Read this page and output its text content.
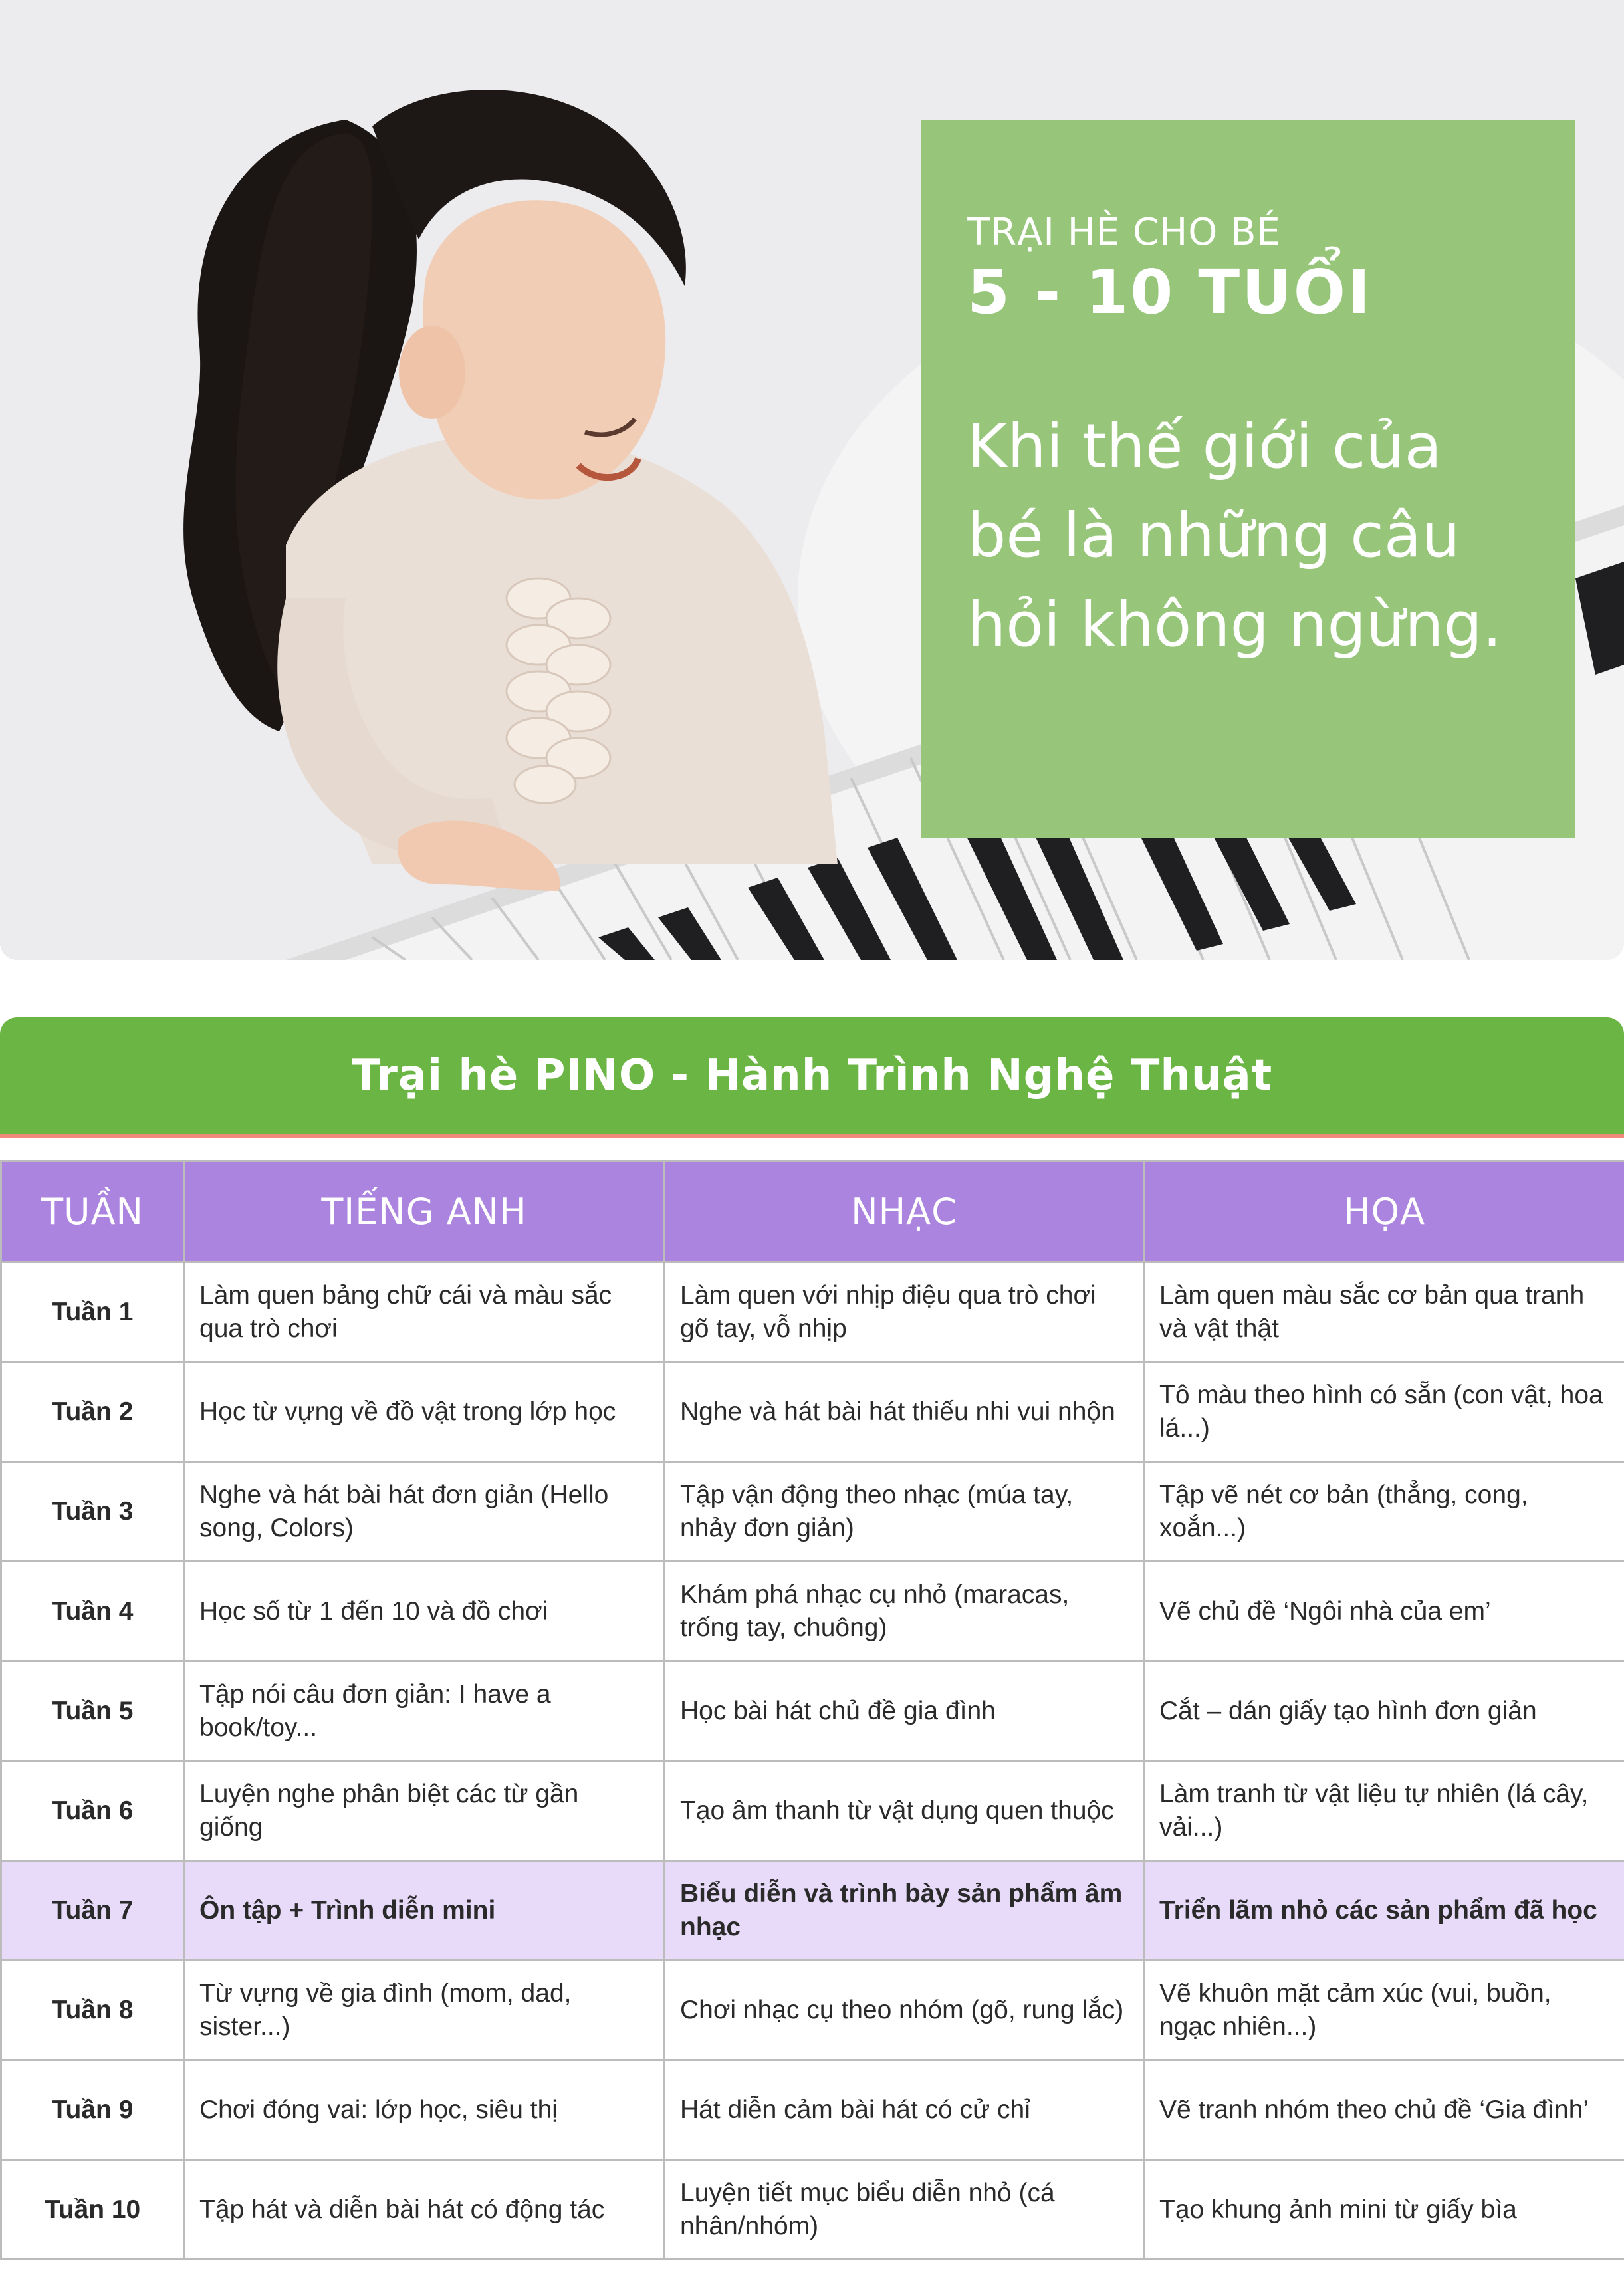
TRẠI HÈ CHO BÉ
5 - 10 TUỔI
Khi thế giới của bé là những câu hỏi không ngừng.
Trại hè PINO - Hành Trình Nghệ Thuật
TUẦN	TIẾNG ANH	NHẠC	HỌA
Tuần 1	Làm quen bảng chữ cái và màu sắc qua trò chơi	Làm quen với nhịp điệu qua trò chơi gõ tay, vỗ nhịp	Làm quen màu sắc cơ bản qua tranh và vật thật
Tuần 2	Học từ vựng về đồ vật trong lớp học	Nghe và hát bài hát thiếu nhi vui nhộn	Tô màu theo hình có sẵn (con vật, hoa lá...)
Tuần 3	Nghe và hát bài hát đơn giản (Hello song, Colors)	Tập vận động theo nhạc (múa tay, nhảy đơn giản)	Tập vẽ nét cơ bản (thẳng, cong, xoắn...)
Tuần 4	Học số từ 1 đến 10 và đồ chơi	Khám phá nhạc cụ nhỏ (maracas, trống tay, chuông)	Vẽ chủ đề ‘Ngôi nhà của em’
Tuần 5	Tập nói câu đơn giản: I have a book/toy...	Học bài hát chủ đề gia đình	Cắt – dán giấy tạo hình đơn giản
Tuần 6	Luyện nghe phân biệt các từ gần giống	Tạo âm thanh từ vật dụng quen thuộc	Làm tranh từ vật liệu tự nhiên (lá cây, vải...)
Tuần 7	Ôn tập + Trình diễn mini	Biểu diễn và trình bày sản phẩm âm nhạc	Triển lãm nhỏ các sản phẩm đã học
Tuần 8	Từ vựng về gia đình (mom, dad, sister...)	Chơi nhạc cụ theo nhóm (gõ, rung lắc)	Vẽ khuôn mặt cảm xúc (vui, buồn, ngạc nhiên...)
Tuần 9	Chơi đóng vai: lớp học, siêu thị	Hát diễn cảm bài hát có cử chỉ	Vẽ tranh nhóm theo chủ đề ‘Gia đình’
Tuần 10	Tập hát và diễn bài hát có động tác	Luyện tiết mục biểu diễn nhỏ (cá nhân/nhóm)	Tạo khung ảnh mini từ giấy bìa
